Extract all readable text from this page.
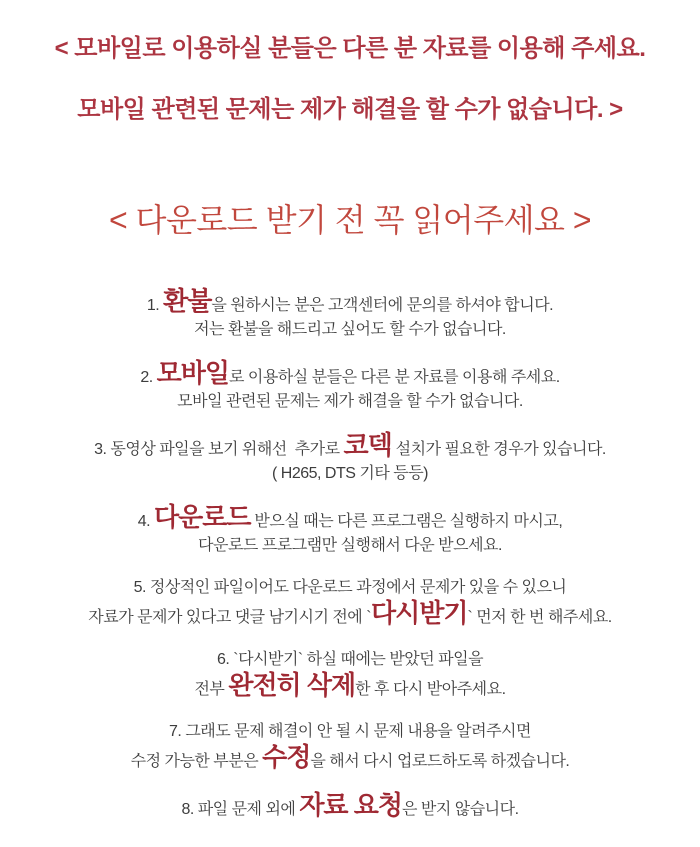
< 모바일로 이용하실 분들은 다른 분 자료를 이용해 주세요.
모바일 관련된 문제는 제가 해결을 할 수가 없습니다. >
< 다운로드 받기 전 꼭 읽어주세요 >
1. 환불을 원하시는 분은 고객센터에 문의를 하셔야 합니다.
저는 환불을 해드리고 싶어도 할 수가 없습니다.
2. 모바일로 이용하실 분들은 다른 분 자료를 이용해 주세요.
모바일 관련된 문제는 제가 해결을 할 수가 없습니다.
3. 동영상 파일을 보기 위해선  추가로 코덱 설치가 필요한 경우가 있습니다.
( H265, DTS 기타 등등)
4. 다운로드 받으실 때는 다른 프로그램은 실행하지 마시고,
다운로드 프로그램만 실행해서 다운 받으세요.
5. 정상적인 파일이어도 다운로드 과정에서 문제가 있을 수 있으니
자료가 문제가 있다고 댓글 남기시기 전에 `다시받기` 먼저 한 번 해주세요.
6. `다시받기` 하실 때에는 받았던 파일을
전부 완전히 삭제한 후 다시 받아주세요.
7. 그래도 문제 해결이 안 될 시 문제 내용을 알려주시면
수정 가능한 부분은 수정을 해서 다시 업로드하도록 하겠습니다.
8. 파일 문제 외에 자료 요청은 받지 않습니다.
